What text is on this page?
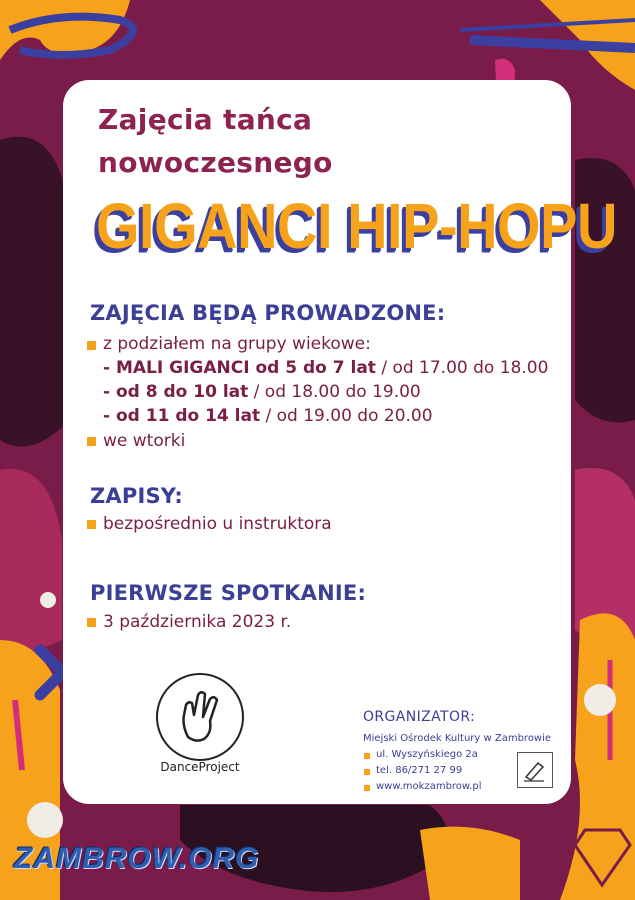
Zajęcia tańca
nowoczesnego
GIGANCI HIP-HOPU
ZAJĘCIA BĘDĄ PROWADZONE:
z podziałem na grupy wiekowe:
- MALI GIGANCI od 5 do 7 lat / od 17.00 do 18.00
- od 8 do 10 lat / od 18.00 do 19.00
- od 11 do 14 lat / od 19.00 do 20.00
we wtorki
ZAPISY:
bezpośrednio u instruktora
PIERWSZE SPOTKANIE:
3 października 2023 r.
DanceProject
ORGANIZATOR:
Miejski Ośrodek Kultury w Zambrowie
ul. Wyszyńskiego 2a
tel. 86/271 27 99
www.mokzambrow.pl
ZAMBROW.ORG
